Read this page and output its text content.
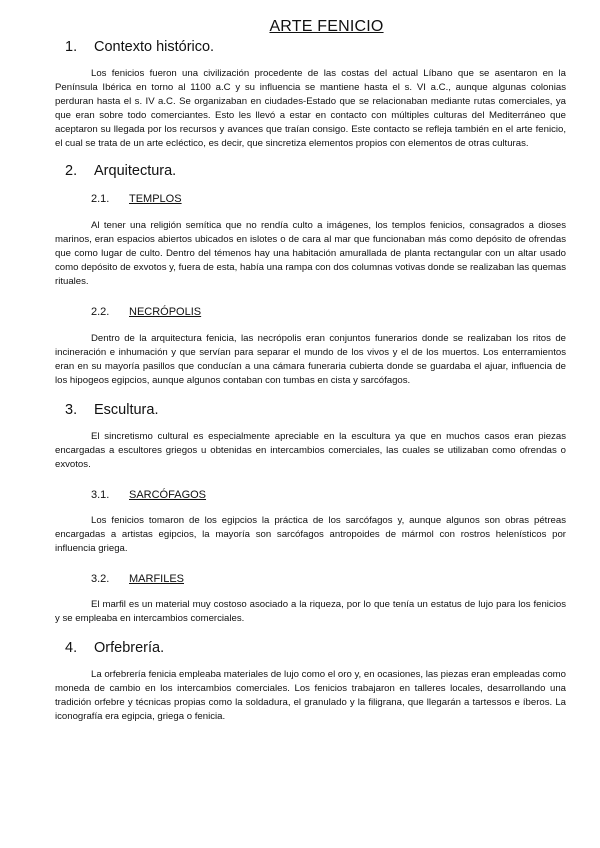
ARTE FENICIO
1.	Contexto histórico.

Los fenicios fueron una civilización procedente de las costas del actual Líbano que se asentaron en la Península Ibérica en torno al 1100 a.C y su influencia se mantiene hasta el s. VI a.C., aunque algunas colonias perduran hasta el s. IV a.C. Se organizaban en ciudades-Estado que se relacionaban mediante rutas comerciales, ya que eran sobre todo comerciantes. Esto les llevó a estar en contacto con múltiples culturas del Mediterráneo que aceptaron su llegada por los recursos y avances que traían consigo. Este contacto se refleja también en el arte fenicio, el cual se trata de un arte ecléctico, es decir, que sincretiza elementos propios con elementos de otras culturas.

2.	Arquitectura.
2.1.	TEMPLOS

Al tener una religión semítica que no rendía culto a imágenes, los templos fenicios, consagrados a dioses marinos, eran espacios abiertos ubicados en islotes o de cara al mar que funcionaban más como depósito de ofrendas que como lugar de culto. Dentro del témenos hay una habitación amurallada de planta rectangular con un altar usado como depósito de exvotos y, fuera de esta, había una rampa con dos columnas votivas donde se realizaban las quemas rituales.

2.2.	NECRÓPOLIS

Dentro de la arquitectura fenicia, las necrópolis eran conjuntos funerarios donde se realizaban los ritos de incineración e inhumación y que servían para separar el mundo de los vivos y el de los muertos. Los enterramientos eran en su mayoría pasillos que conducían a una cámara funeraria cubierta donde se guardaba el ajuar, influencia de los hipogeos egipcios, aunque algunos contaban con tumbas en cista y sarcófagos.

3.	Escultura.

El sincretismo cultural es especialmente apreciable en la escultura ya que en muchos casos eran piezas encargadas a escultores griegos u obtenidas en intercambios comerciales, las cuales se utilizaban como ofrendas o exvotos.

3.1.	SARCÓFAGOS

Los fenicios tomaron de los egipcios la práctica de los sarcófagos y, aunque algunos son obras pétreas encargadas a artistas egipcios, la mayoría son sarcófagos antropoides de mármol con rostros helenísticos por influencia griega.

3.2.	MARFILES

El marfil es un material muy costoso asociado a la riqueza, por lo que tenía un estatus de lujo para los fenicios y se empleaba en intercambios comerciales.

4.	Orfebrería.

La orfebrería fenicia empleaba materiales de lujo como el oro y, en ocasiones, las piezas eran empleadas como moneda de cambio en los intercambios comerciales. Los fenicios trabajaron en talleres locales, desarrollando una tradición orfebre y técnicas propias como la soldadura, el granulado y la filigrana, que llegarán a tartessos e íberos. La iconografía era egipcia, griega o fenicia.
